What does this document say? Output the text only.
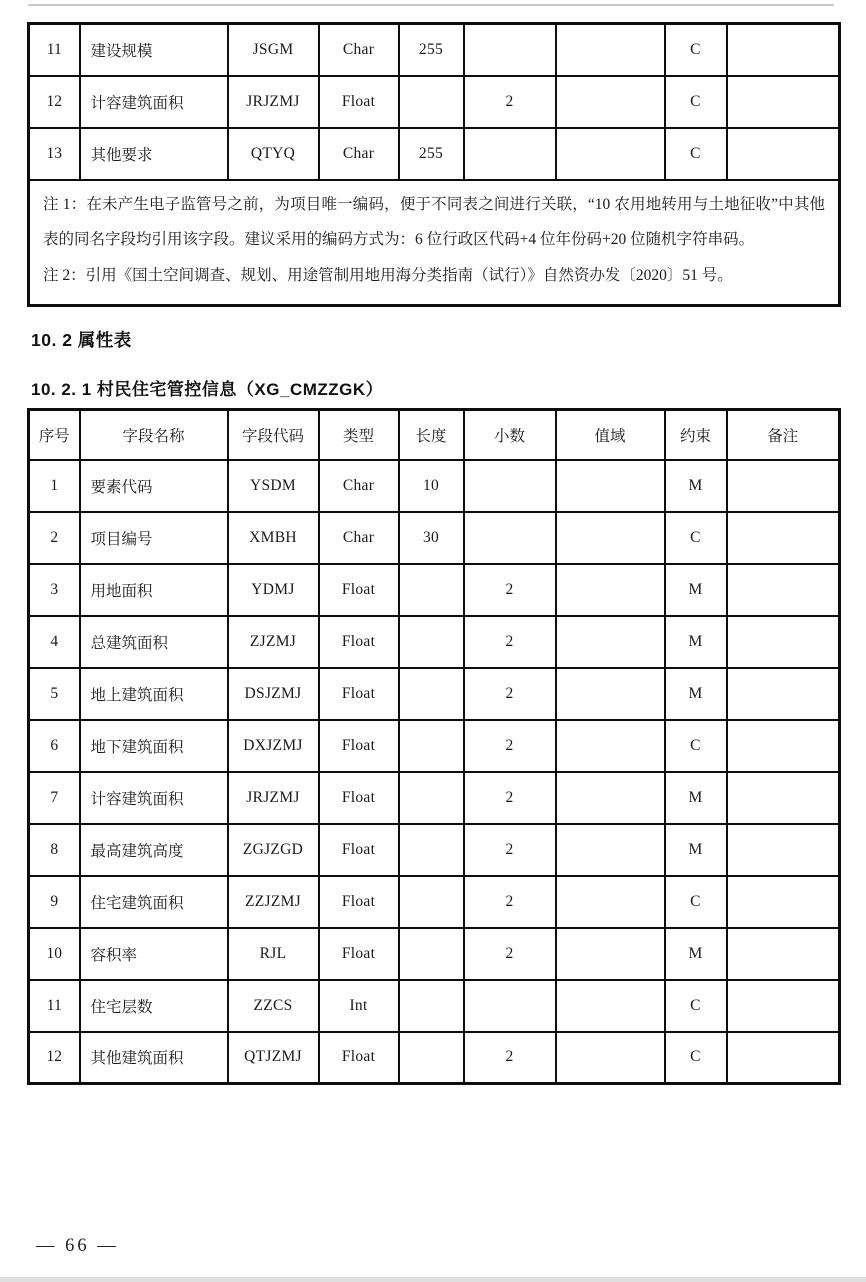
11	建设规模	JSGM	Char	255			C	
12	计容建筑面积	JRJZMJ	Float		2		C	
13	其他要求	QTYQ	Char	255			C	

注 1：在未产生电子监管号之前，为项目唯一编码，便于不同表之间进行关联，“10 农用地转用与土地征收”中其他表的同名字段均引用该字段。建议采用的编码方式为：6 位行政区代码+4 位年份码+20 位随机字符串码。

注 2：引用《国土空间调查、规划、用途管制用地用海分类指南（试行）》自然资办发〔2020〕51 号。								

10. 2 属性表
10. 2. 1 村民住宅管控信息（XG_CMZZGK）
序号	字段名称	字段代码	类型	长度	小数	值域	约束	备注
1	要素代码	YSDM	Char	10			M	
2	项目编号	XMBH	Char	30			C	
3	用地面积	YDMJ	Float		2		M	
4	总建筑面积	ZJZMJ	Float		2		M	
5	地上建筑面积	DSJZMJ	Float		2		M	
6	地下建筑面积	DXJZMJ	Float		2		C	
7	计容建筑面积	JRJZMJ	Float		2		M	
8	最高建筑高度	ZGJZGD	Float		2		M	
9	住宅建筑面积	ZZJZMJ	Float		2		C	
10	容积率	RJL	Float		2		M	
11	住宅层数	ZZCS	Int				C	
12	其他建筑面积	QTJZMJ	Float		2		C	
— 66 —
